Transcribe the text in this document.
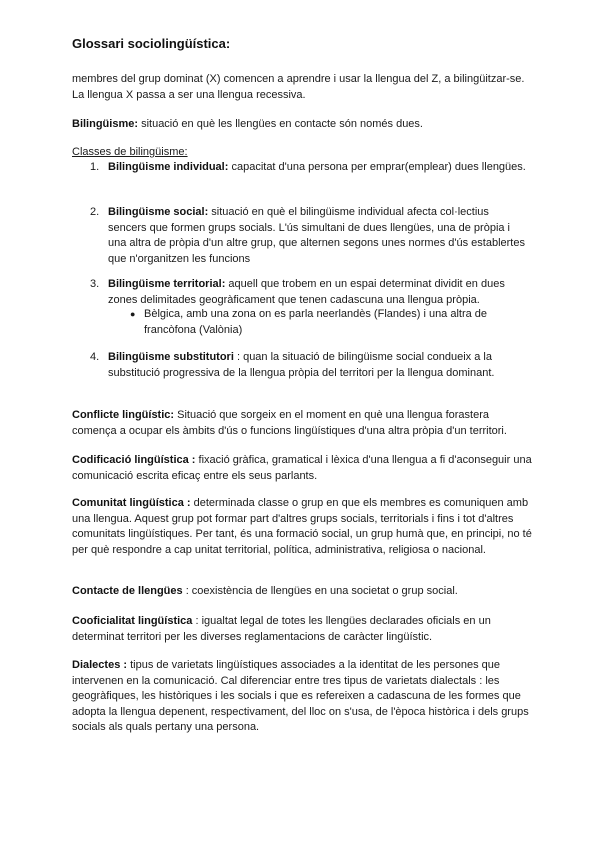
Glossari sociolingüística:
membres del grup dominat (X) comencen a aprendre i usar la llengua del Z, a bilingüitzar-se. La llengua X passa a ser una llengua recessiva.
Bilingüisme: situació en què les llengües en contacte són només dues.
Classes de bilingüisme:
1. Bilingüisme individual: capacitat d'una persona per emprar(emplear) dues llengües.
2. Bilingüisme social: situació en què el bilingüisme individual afecta col·lectius sencers que formen grups socials. L'ús simultani de dues llengües, una de pròpia i una altra de pròpia d'un altre grup, que alternen segons unes normes d'ús establertes que n'organitzen les funcions
3. Bilingüisme territorial: aquell que trobem en un espai determinat dividit en dues zones delimitades geogràficament que tenen cadascuna una llengua pròpia.
● Bèlgica, amb una zona on es parla neerlandès (Flandes) i una altra de francòfona (Valònia)
4. Bilingüisme substitutori : quan la situació de bilingüisme social condueix a la substitució progressiva de la llengua pròpia del territori per la llengua dominant.
Conflicte lingüístic: Situació que sorgeix en el moment en què una llengua forastera comença a ocupar els àmbits d'ús o funcions lingüístiques d'una altra pròpia d'un territori.
Codificació lingüística : fixació gràfica, gramatical i lèxica d'una llengua a fi d'aconseguir una comunicació escrita eficaç entre els seus parlants.
Comunitat lingüística : determinada classe o grup en que els membres es comuniquen amb una llengua. Aquest grup pot formar part d'altres grups socials, territorials i fins i tot d'altres comunitats lingüístiques. Per tant, és una formació social, un grup humà que, en principi, no té per què respondre a cap unitat territorial, política, administrativa, religiosa o nacional.
Contacte de llengües : coexistència de llengües en una societat o grup social.
Cooficialitat lingüística : igualtat legal de totes les llengües declarades oficials en un determinat territori per les diverses reglamentacions de caràcter lingüístic.
Dialectes : tipus de varietats lingüístiques associades a la identitat de les persones que intervenen en la comunicació. Cal diferenciar entre tres tipus de varietats dialectals : les geogràfiques, les històriques i les socials i que es refereixen a cadascuna de les formes que adopta la llengua depenent, respectivament, del lloc on s'usa, de l'època històrica i dels grups socials als quals pertany una persona.
